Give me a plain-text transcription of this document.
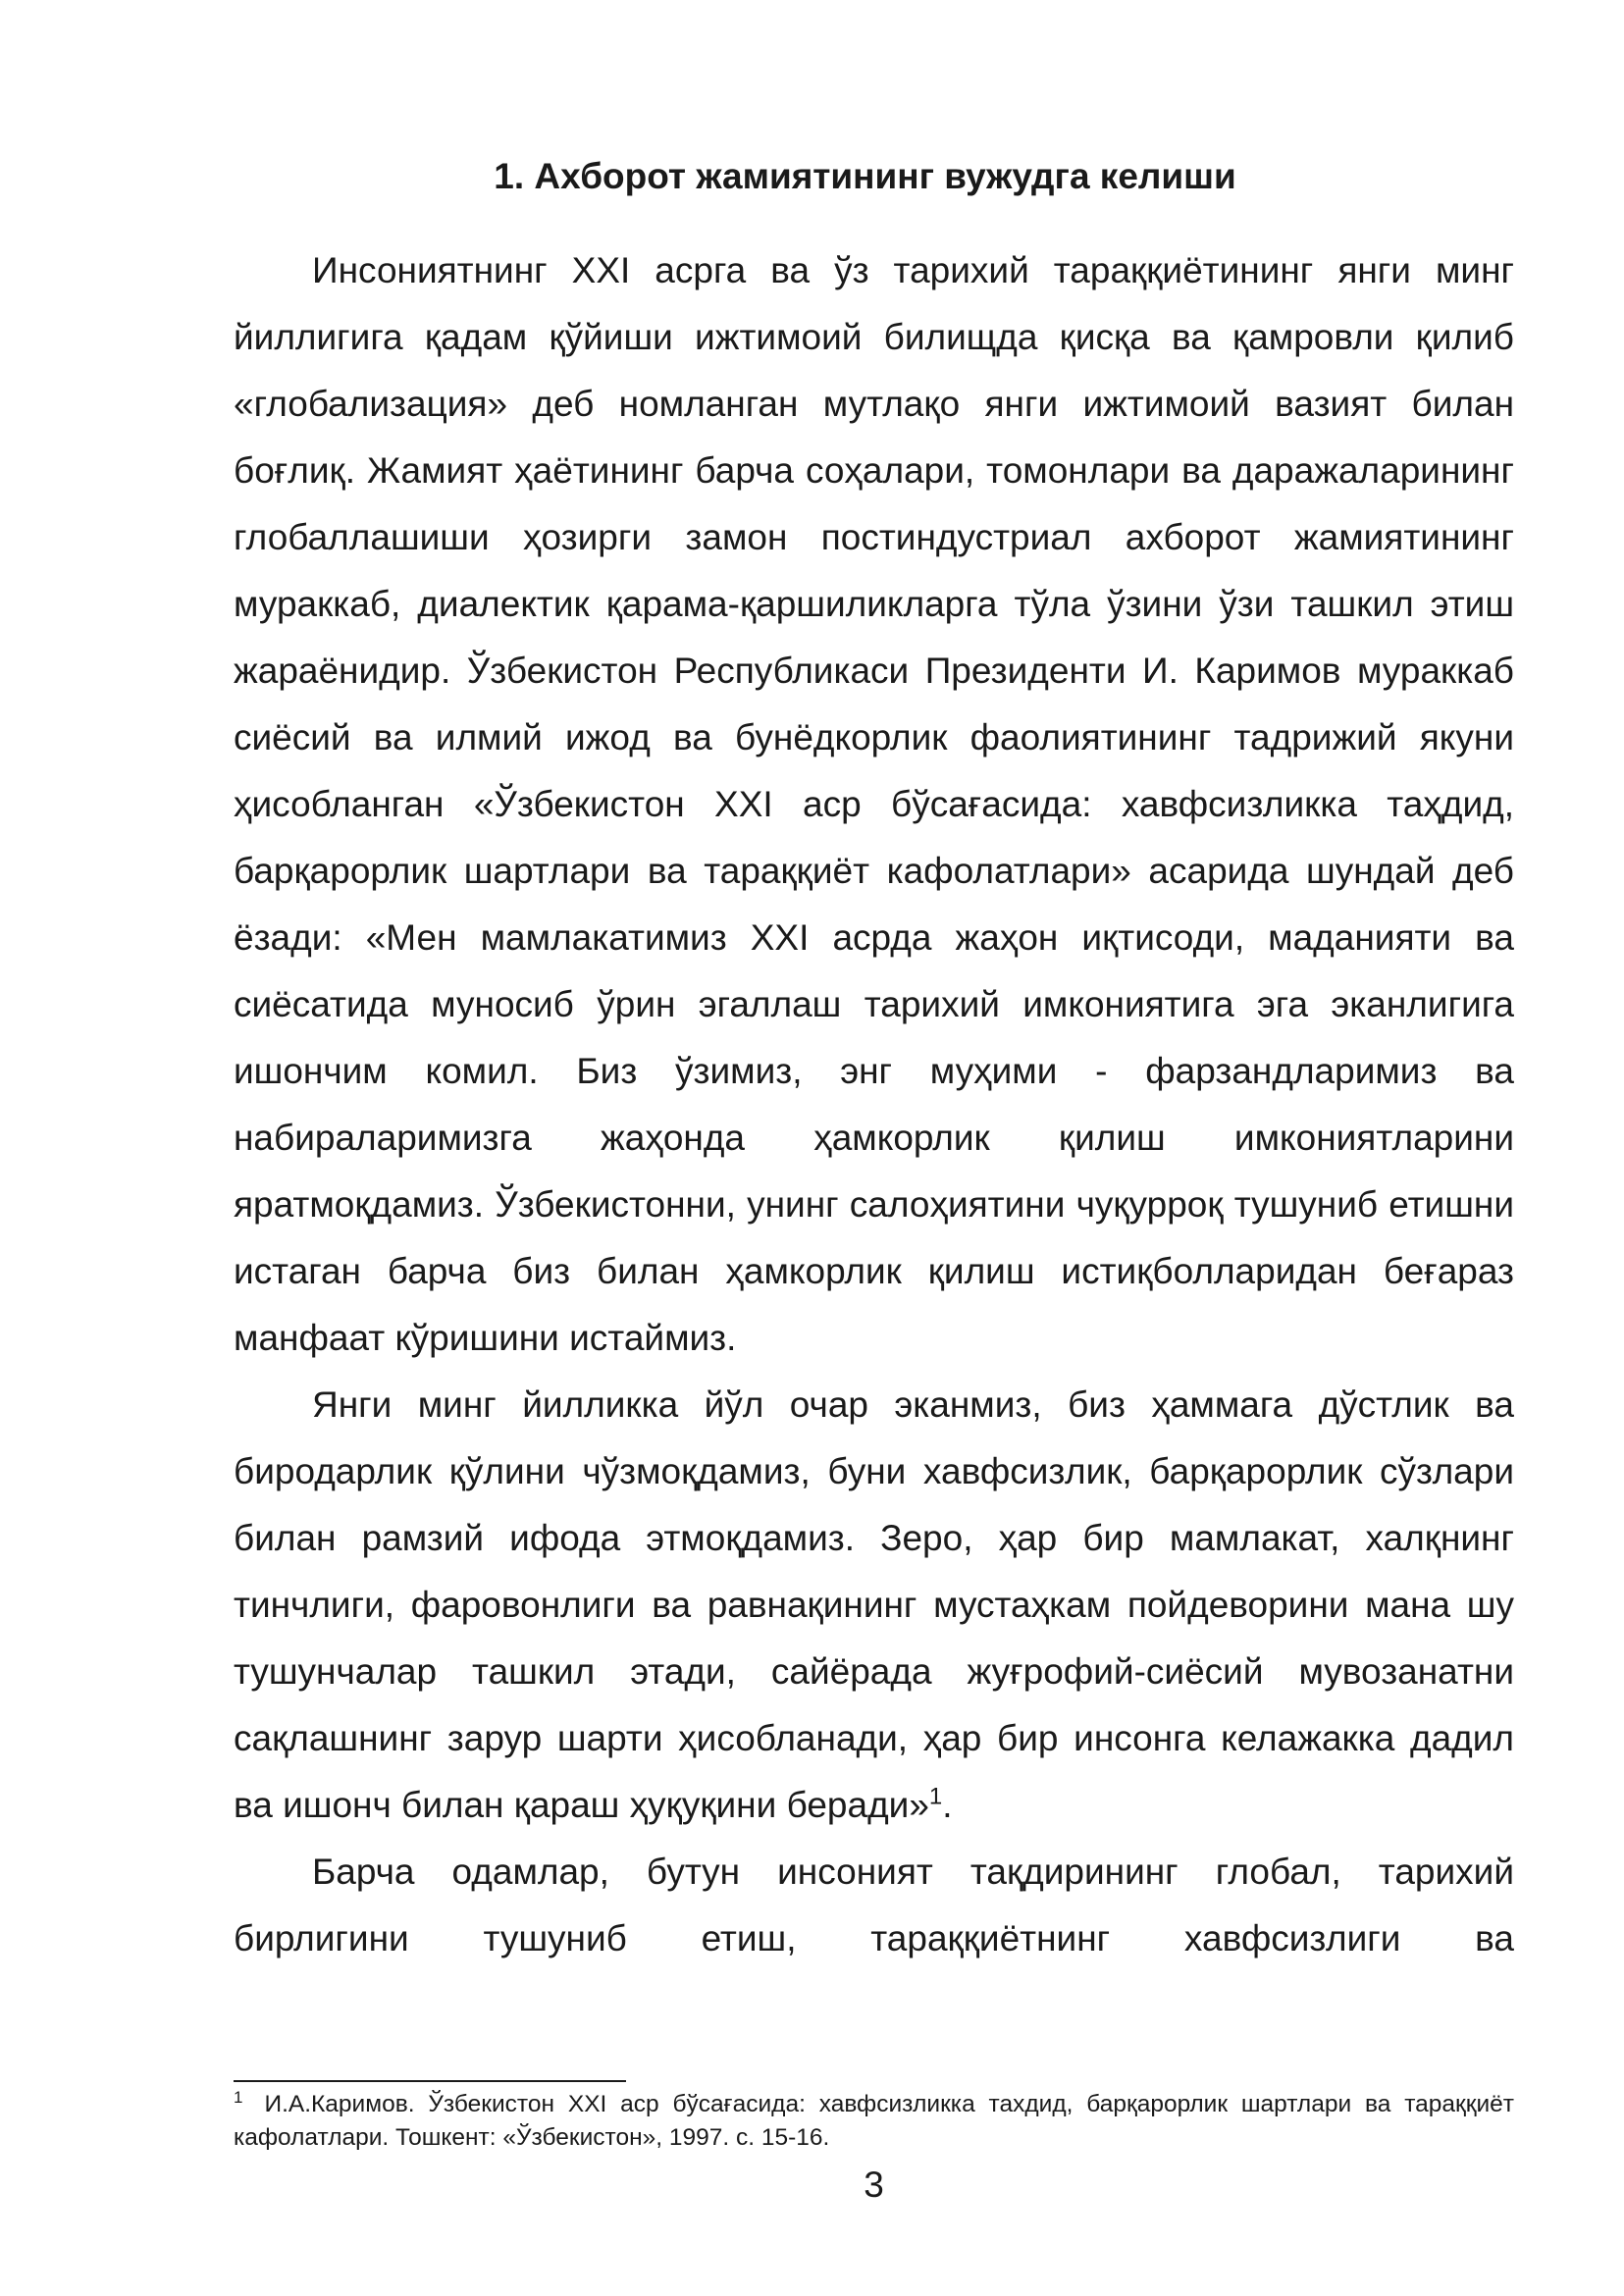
1. Ахборот жамиятининг вужудга келиши

Инсониятнинг XXI асрга ва ўз тарихий тараққиётининг янги минг йиллигига қадам қўйиши ижтимоий билищда қисқа ва қамровли қилиб «глобализация» деб номланган мутлақо янги ижтимоий вазият билан боғлиқ. Жамият ҳаётининг барча соҳалари, томонлари ва даражаларининг глобаллашиши ҳозирги замон постиндустриал ахборот жамиятининг мураккаб, диалектик қарама-қаршиликларга тўла ўзини ўзи ташкил этиш жараёнидир. Ўзбекистон Республикаси Президенти И. Каримов мураккаб сиёсий ва илмий ижод ва бунёдкорлик фаолиятининг тадрижий якуни ҳисобланган «Ўзбекистон XXI аср бўсағасида: хавфсизликка таҳдид, барқарорлик шартлари ва тараққиёт кафолатлари» асарида шундай деб ёзади: «Мен мамлакатимиз XXI асрда жаҳон иқтисоди, маданияти ва сиёсатида муносиб ўрин эгаллаш тарихий имкониятига эга эканлигига ишончим комил. Биз ўзимиз, энг муҳими - фарзандларимиз ва набираларимизга жаҳонда ҳамкорлик қилиш имкониятларини яратмоқдамиз. Ўзбекистонни, унинг салоҳиятини чуқурроқ тушуниб етишни истаган барча биз билан ҳамкорлик қилиш истиқболларидан беғараз манфаат кўришини истаймиз.

Янги минг йилликка йўл очар эканмиз, биз ҳаммага дўстлик ва биродарлик қўлини чўзмоқдамиз, буни хавфсизлик, барқарорлик сўзлари билан рамзий ифода этмоқдамиз. Зеро, ҳар бир мамлакат, халқнинг тинчлиги, фаровонлиги ва равнақининг мустаҳкам пойдеворини мана шу тушунчалар ташкил этади, сайёрада жуғрофий-сиёсий мувозанатни сақлашнинг зарур шарти ҳисобланади, ҳар бир инсонга келажакка дадил ва ишонч билан қараш ҳуқуқини беради»$^1$.

Барча одамлар, бутун инсоният тақдирининг глобал, тарихий бирлигини тушуниб етиш, тараққиётнинг хавфсизлиги ва

$^1$ И.А.Каримов. Ўзбекистон XXI аср бўсағасида: хавфсизликка тахдид, барқарорлик шартлари ва тараққиёт кафолатлари. Тошкент: «Ўзбекистон», 1997. с. 15-16.

3
